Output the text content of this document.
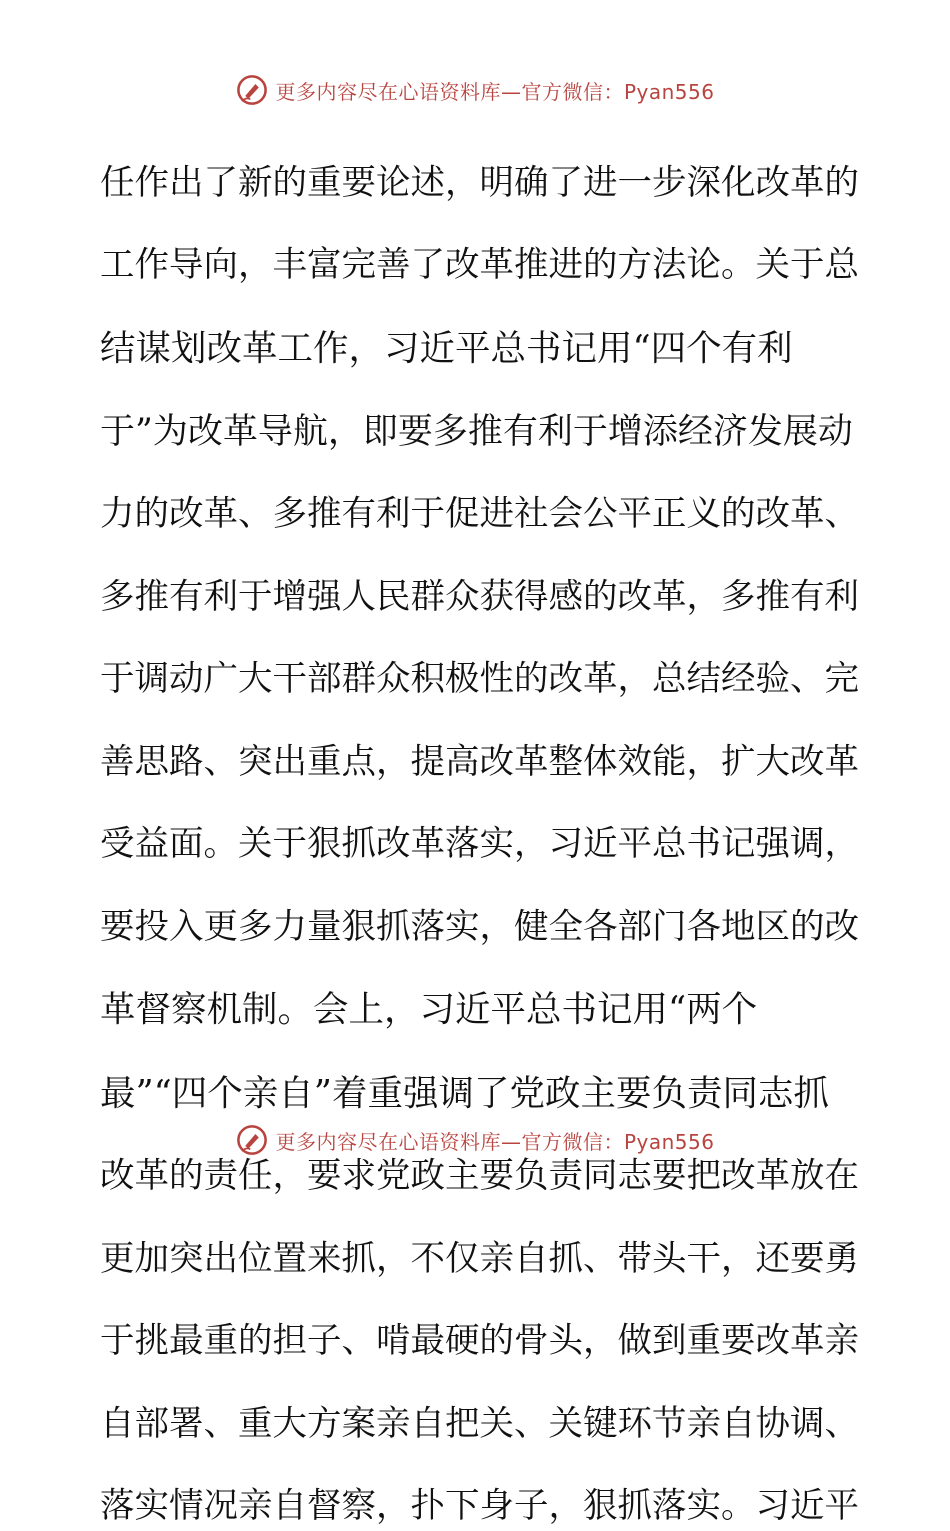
更多内容尽在心语资料库—官方微信：Pyan556

任作出了新的重要论述，明确了进一步深化改革的

工作导向，丰富完善了改革推进的方法论。关于总

结谋划改革工作，习近平总书记用“四个有利

于”为改革导航，即要多推有利于增添经济发展动

力的改革、多推有利于促进社会公平正义的改革、

多推有利于增强人民群众获得感的改革，多推有利

于调动广大干部群众积极性的改革，总结经验、完

善思路、突出重点，提高改革整体效能，扩大改革

受益面。关于狠抓改革落实，习近平总书记强调，

要投入更多力量狠抓落实，健全各部门各地区的改

革督察机制。会上，习近平总书记用“两个

最”“四个亲自”着重强调了党政主要负责同志抓

改革的责任，要求党政主要负责同志要把改革放在

更加突出位置来抓，不仅亲自抓、带头干，还要勇

于挑最重的担子、啃最硬的骨头，做到重要改革亲

自部署、重大方案亲自把关、关键环节亲自协调、

落实情况亲自督察，扑下身子，狠抓落实。习近平

更多内容尽在心语资料库—官方微信：Pyan556
